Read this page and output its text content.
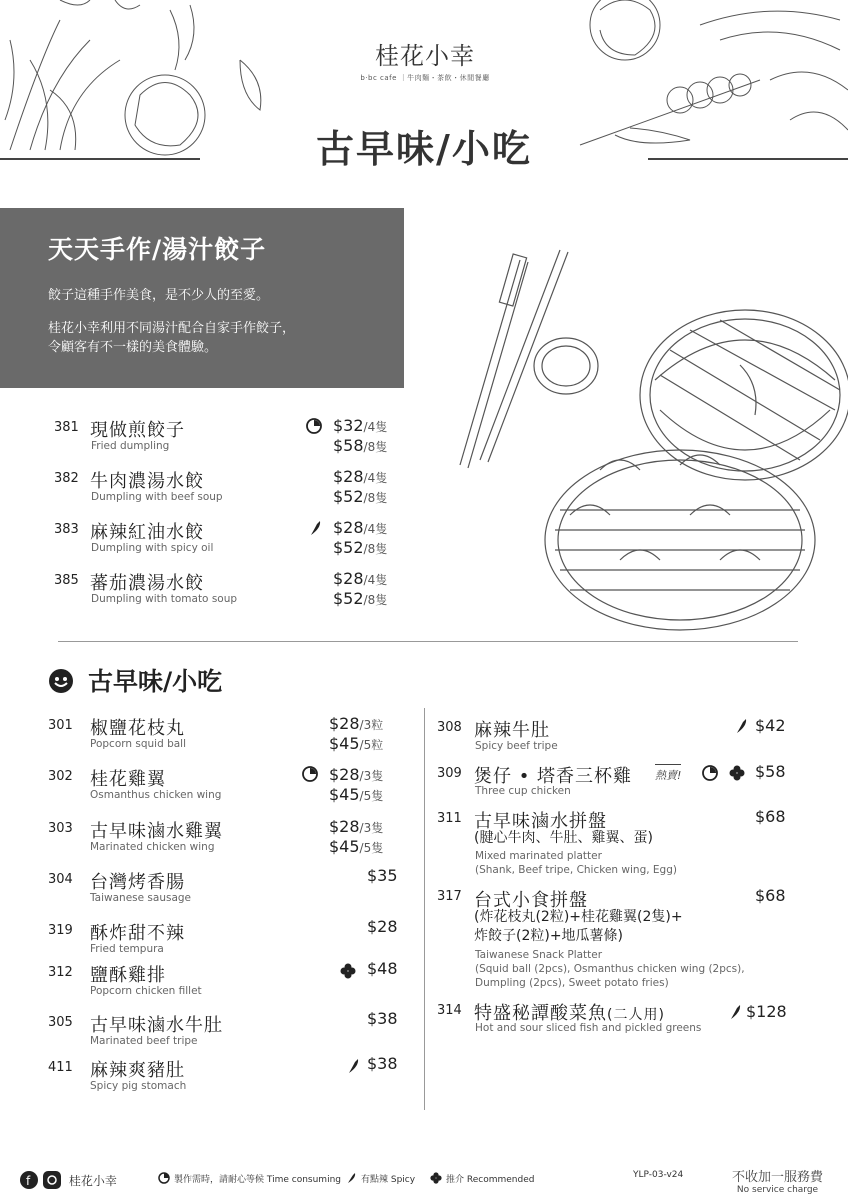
桂花小幸
b·bc cafe ｜牛肉麵・茶飲・休閒餐廳
古早味/小吃
天天手作/湯汁餃子

餃子這種手作美食，是不少人的至愛。

桂花小幸利用不同湯汁配合自家手作餃子，

令顧客有不一樣的美食體驗。

381 現做煎餃子
Fried dumpling
$32/4隻
$58/8隻
382 牛肉濃湯水餃
Dumpling with beef soup
$28/4隻
$52/8隻
383 麻辣紅油水餃
Dumpling with spicy oil
$28/4隻
$52/8隻
385 蕃茄濃湯水餃
Dumpling with tomato soup
$28/4隻
$52/8隻
古早味/小吃
301 椒鹽花枝丸
Popcorn squid ball
$28/3粒
$45/5粒
302 桂花雞翼
Osmanthus chicken wing
$28/3隻
$45/5隻
303 古早味滷水雞翼
Marinated chicken wing
$28/3隻
$45/5隻
304 台灣烤香腸
Taiwanese sausage
$35
319 酥炸甜不辣
Fried tempura
$28
312 鹽酥雞排
Popcorn chicken fillet
$48
305 古早味滷水牛肚
Marinated beef tripe
$38
411 麻辣爽豬肚
Spicy pig stomach
$38
308 麻辣牛肚
Spicy beef tripe
$42
309 煲仔 • 塔香三杯雞
Three cup chicken
熱賣!	$58
311 古早味滷水拼盤
(腱心牛肉、牛肚、雞翼、蛋)
Mixed marinated platter
(Shank, Beef tripe, Chicken wing, Egg)
$68
317 台式小食拼盤
(炸花枝丸(2粒)+桂花雞翼(2隻)+
炸餃子(2粒)+地瓜薯條)
Taiwanese Snack Platter
(Squid ball (2pcs), Osmanthus chicken wing (2pcs),
Dumpling (2pcs), Sweet potato fries)
$68
314 特盛秘譚酸菜魚(二人用)
Hot and sour sliced fish and pickled greens
$128
f	桂花小幸	製作需時，請耐心等候 Time consuming	有點辣 Spicy	推介 Recommended	YLP-03-v24	不收加一服務費
No service charge
